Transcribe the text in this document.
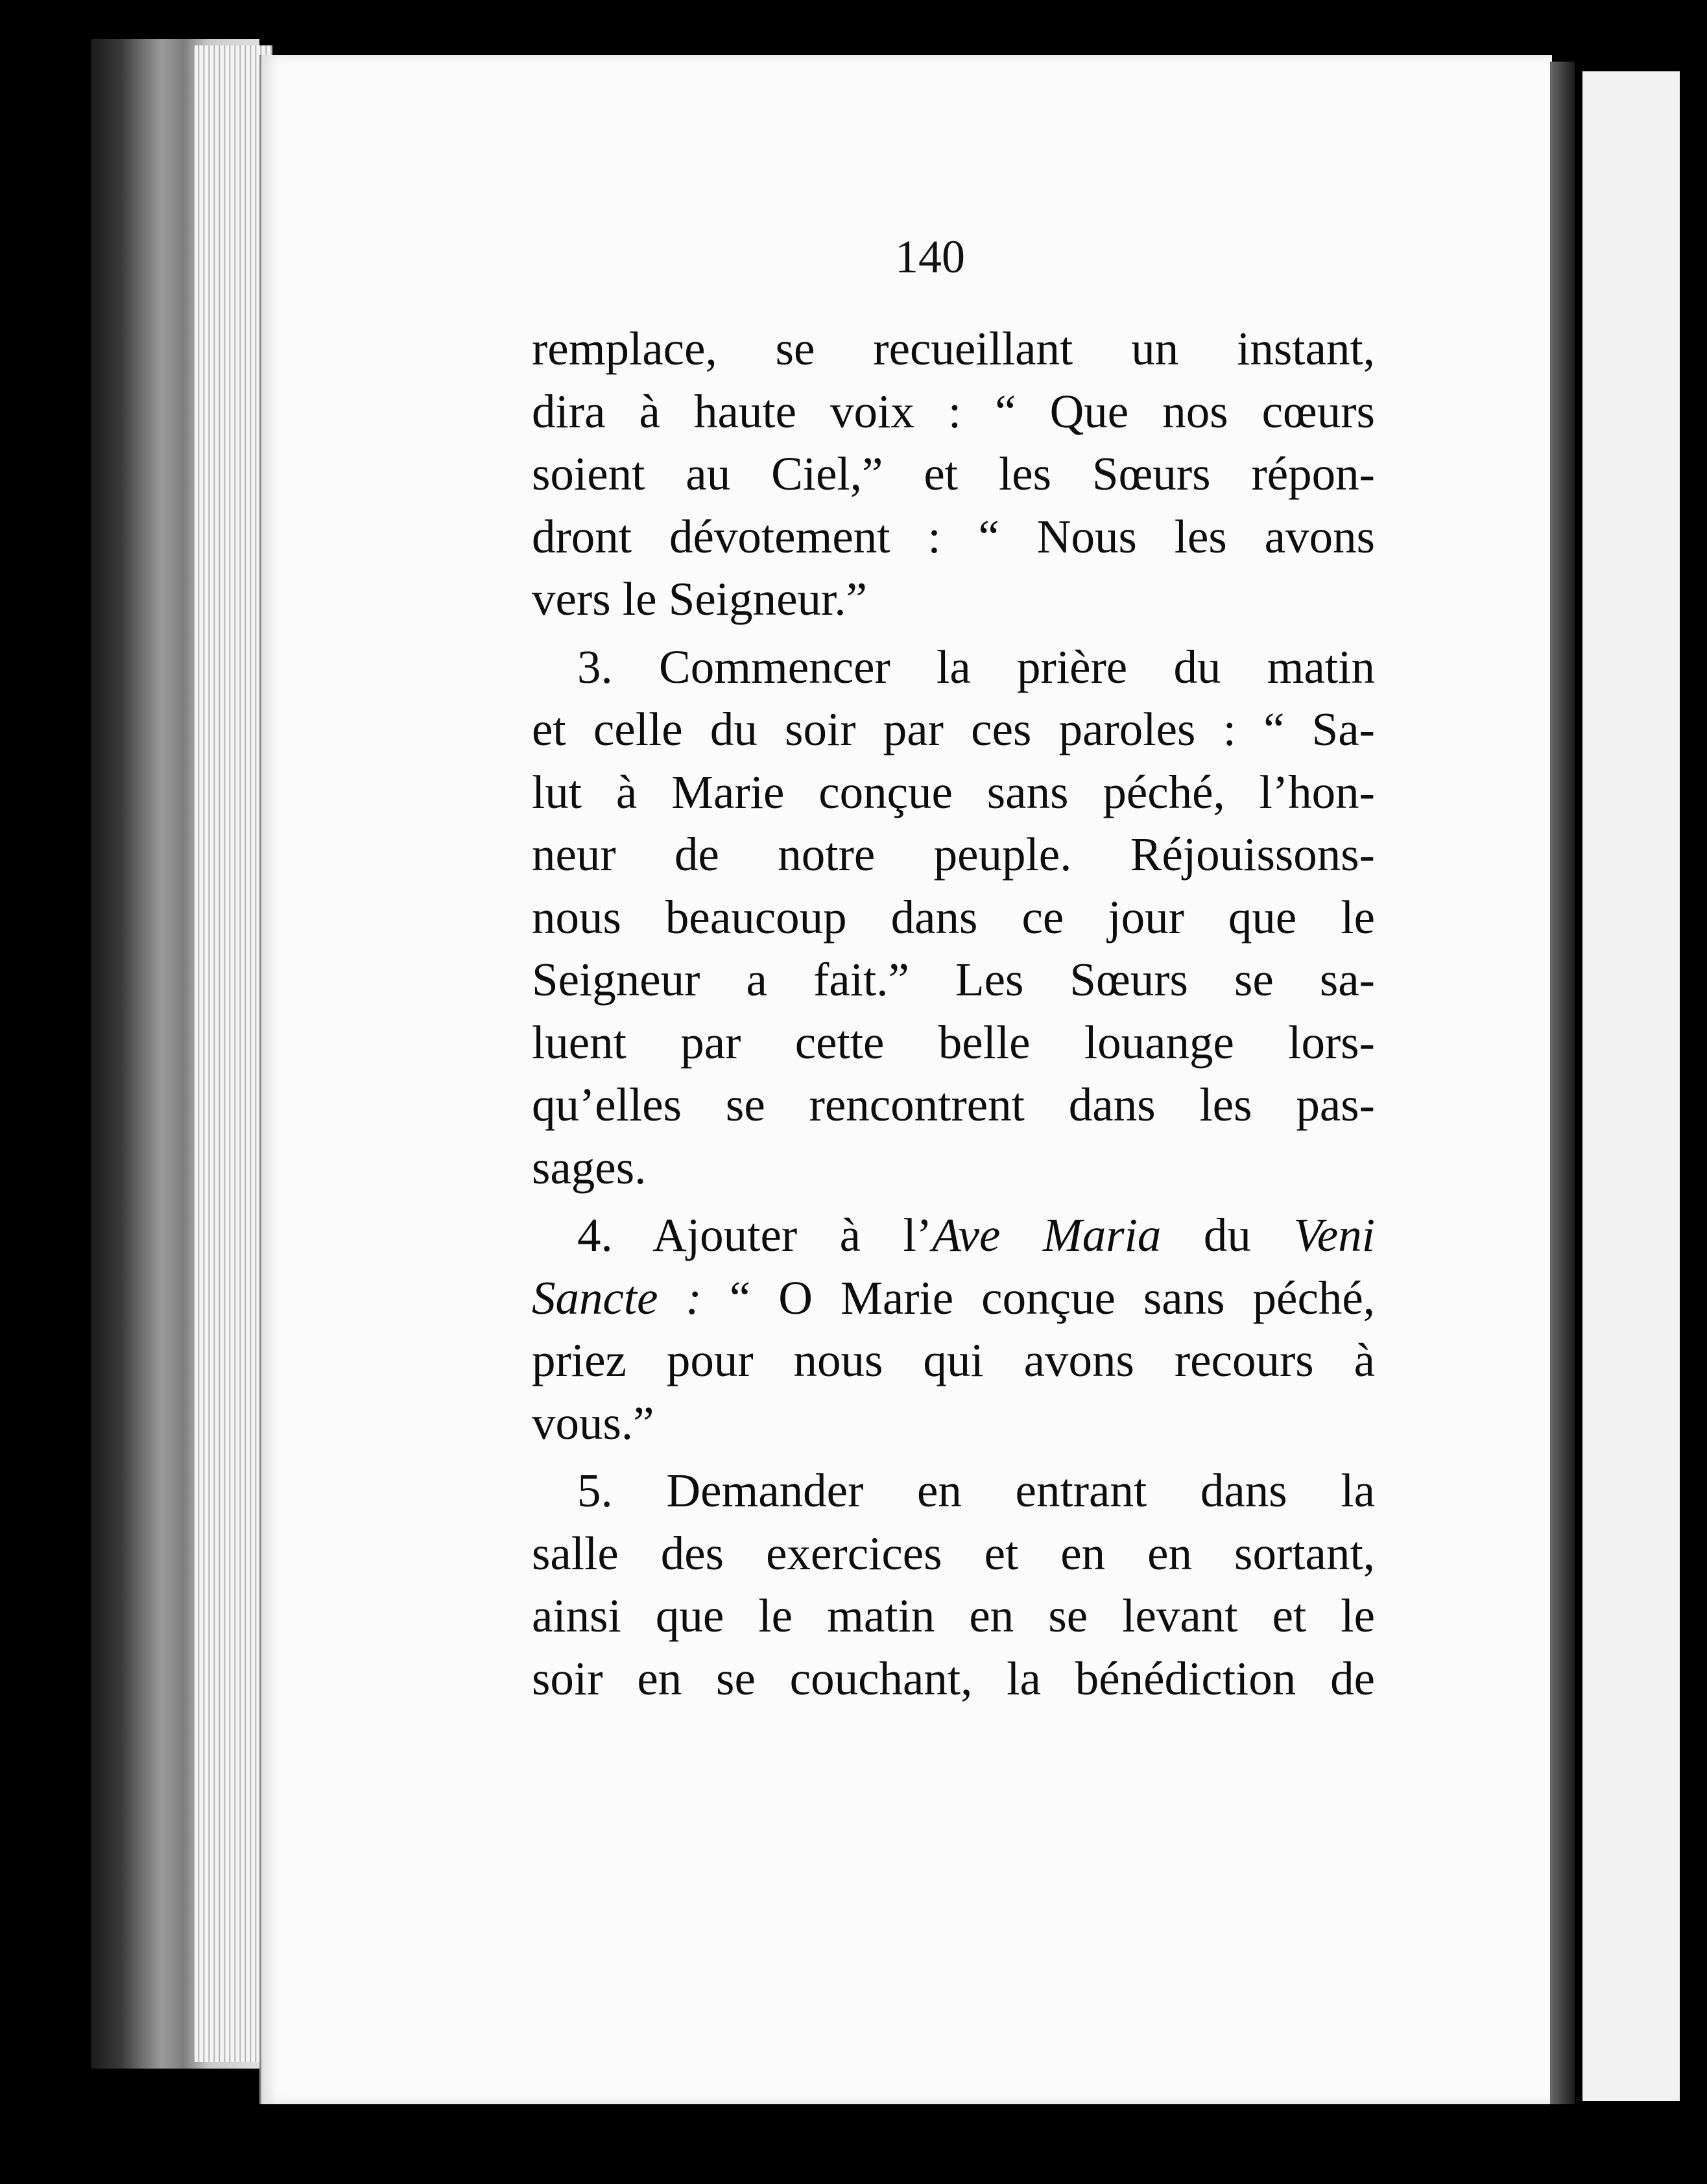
140
remplace, se recueillant un instant,
dira à haute voix : “ Que nos cœurs
soient au Ciel,” et les Sœurs répon-
dront dévotement : “ Nous les avons
vers le Seigneur.”
3. Commencer la prière du matin
et celle du soir par ces paroles : “ Sa-
lut à Marie conçue sans péché, l’hon-
neur de notre peuple. Réjouissons-
nous beaucoup dans ce jour que le
Seigneur a fait.” Les Sœurs se sa-
luent par cette belle louange lors-
qu’elles se rencontrent dans les pas-
sages.
4. Ajouter à l’Ave Maria du Veni
Sancte : “ O Marie conçue sans péché,
priez pour nous qui avons recours à
vous.”
5. Demander en entrant dans la
salle des exercices et en en sortant,
ainsi que le matin en se levant et le
soir en se couchant, la bénédiction de
